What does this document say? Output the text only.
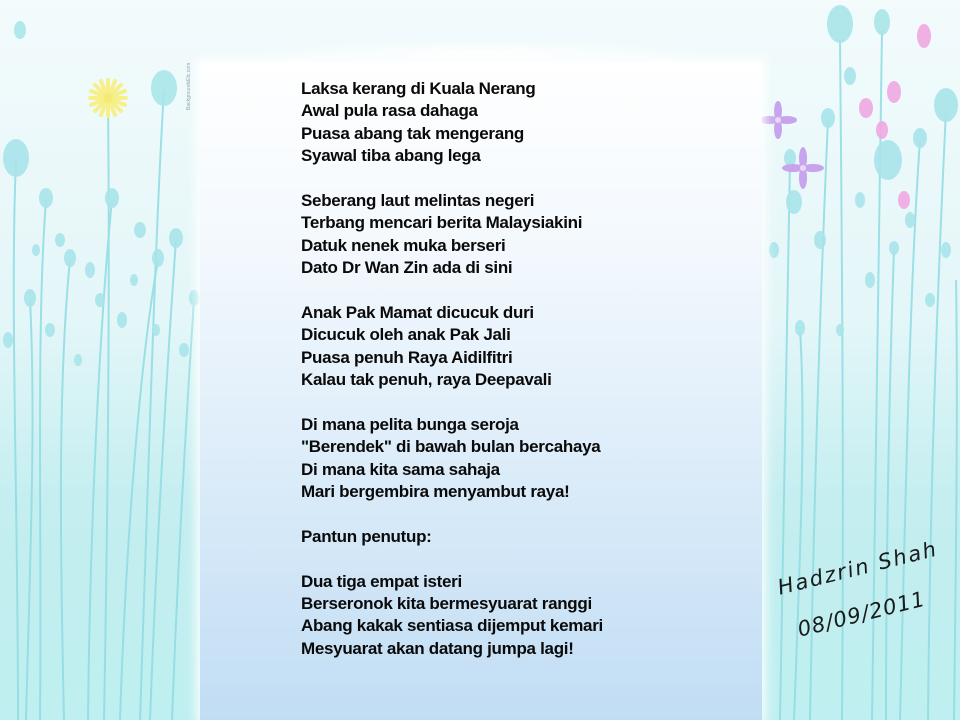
BackgroundsEtc.com	Laksa kerang di Kuala Nerang
Awal pula rasa dahaga
Puasa abang tak mengerang
Syawal tiba abang lega
Seberang laut melintas negeri
Terbang mencari berita Malaysiakini
Datuk nenek muka berseri
Dato Dr Wan Zin ada di sini
Anak Pak Mamat dicucuk duri
Dicucuk oleh anak Pak Jali
Puasa penuh Raya Aidilfitri
Kalau tak penuh, raya Deepavali
Di mana pelita bunga seroja
"Berendek" di bawah bulan bercahaya
Di mana kita sama sahaja
Mari bergembira menyambut raya!
Pantun penutup:
Dua tiga empat isteri
Berseronok kita bermesyuarat ranggi
Abang kakak sentiasa dijemput kemari
Mesyuarat akan datang jumpa lagi!
Hadzrin Shah
08/09/2011
